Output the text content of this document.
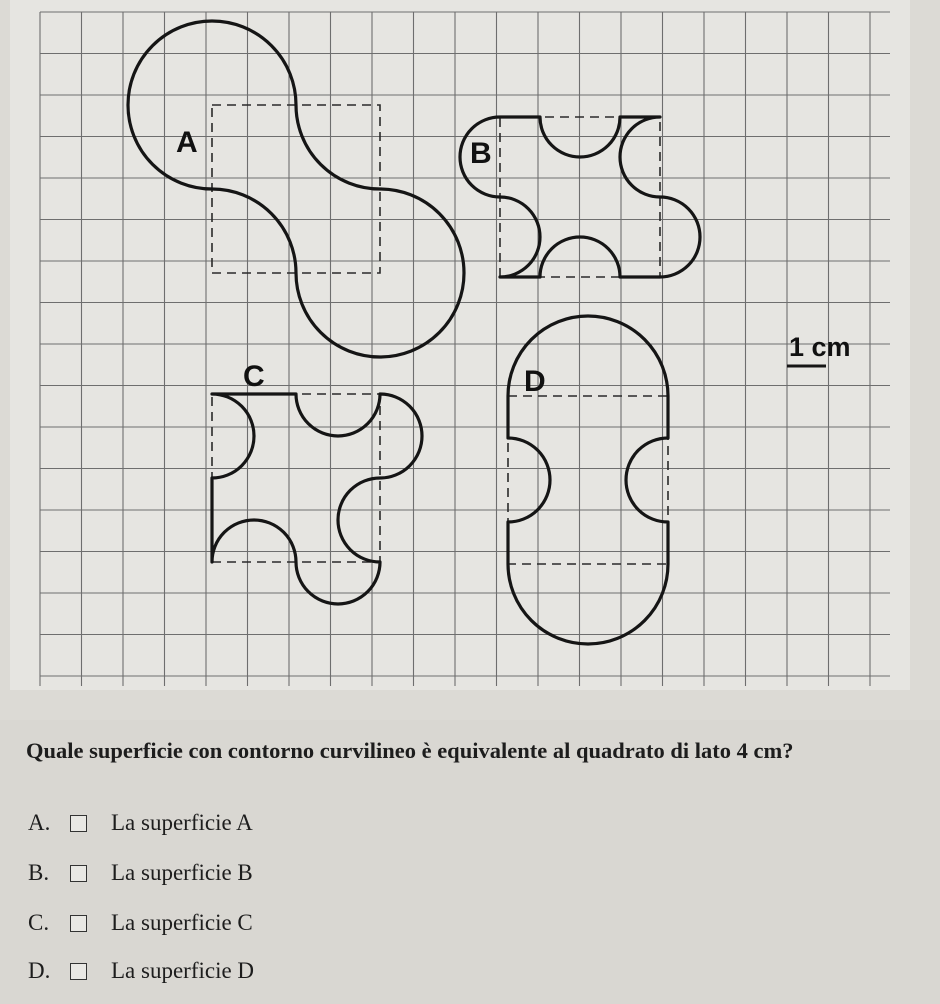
A	B
C	D
1 cm
Quale superficie con contorno curvilineo è equivalente al quadrato di lato 4 cm?
A.	La superficie A
B.	La superficie B
C.	La superficie C
D.	La superficie D
